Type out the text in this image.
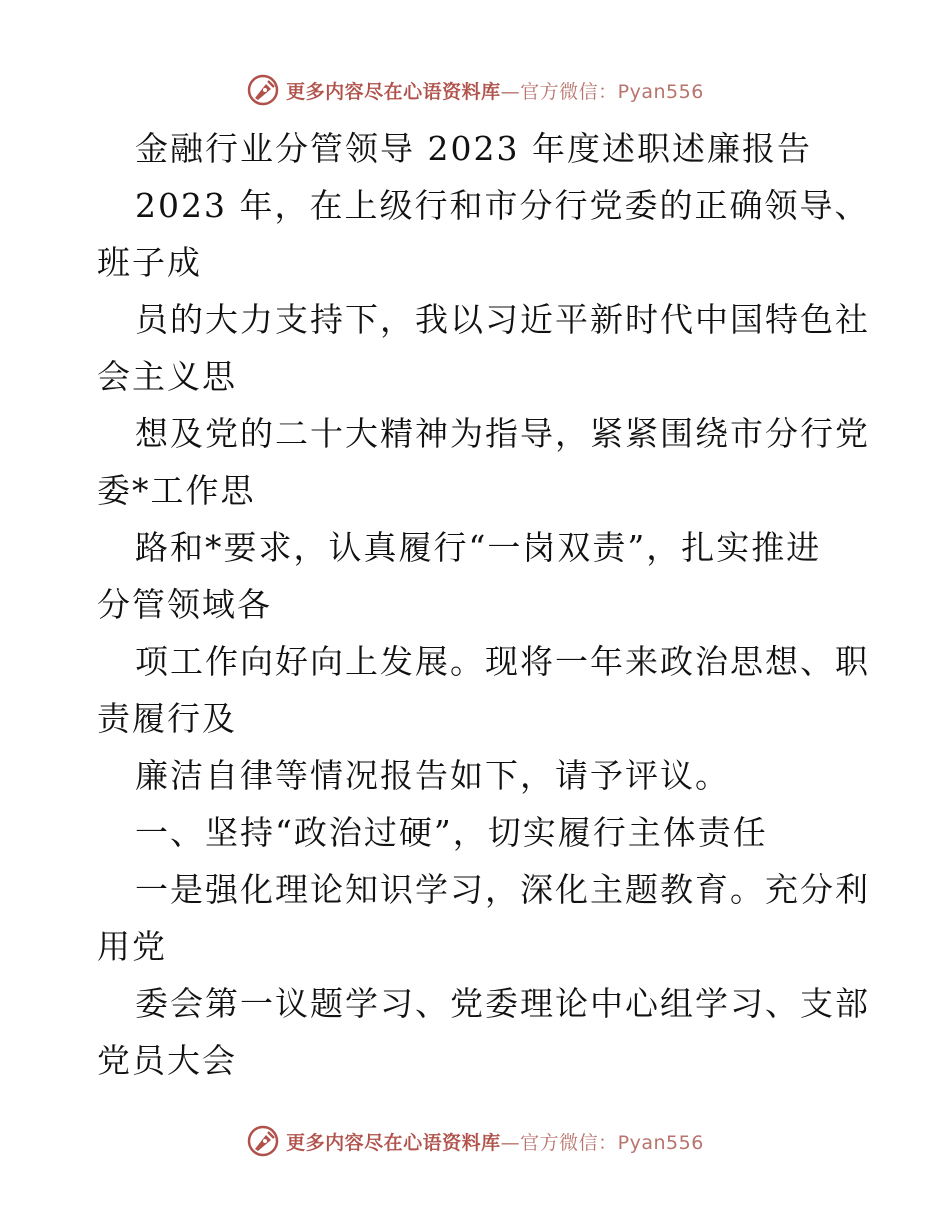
更多内容尽在心语资料库—官方微信：Pyan556
金融行业分管领导 2023 年度述职述廉报告
2023 年，在上级行和市分行党委的正确领导、
班子成
员的大力支持下，我以习近平新时代中国特色社
会主义思
想及党的二十大精神为指导，紧紧围绕市分行党
委*工作思
路和*要求，认真履行“一岗双责”，扎实推进
分管领域各
项工作向好向上发展。现将一年来政治思想、职
责履行及
廉洁自律等情况报告如下，请予评议。
一、坚持“政治过硬”，切实履行主体责任
一是强化理论知识学习，深化主题教育。充分利
用党
委会第一议题学习、党委理论中心组学习、支部
党员大会
更多内容尽在心语资料库—官方微信：Pyan556
